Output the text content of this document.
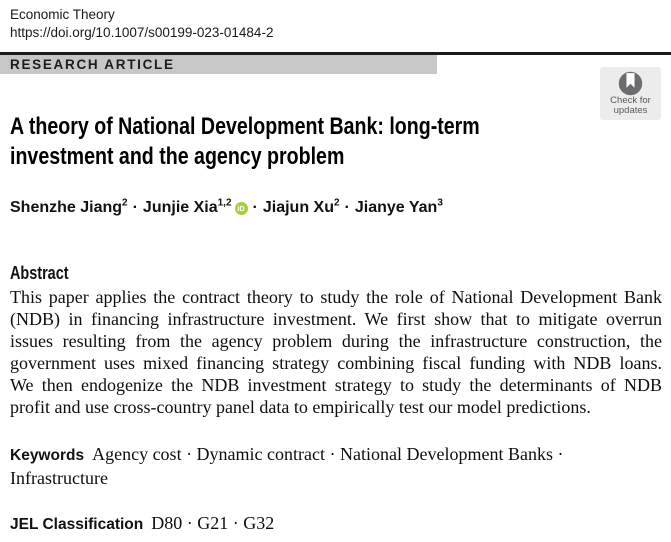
Economic Theory
https://doi.org/10.1007/s00199-023-01484-2
RESEARCH ARTICLE
Check for
updates
A theory of National Development Bank: long-term
investment and the agency problem
Shenzhe Jiang$^2$ · Junjie Xia$^{1,2}$ iD · Jiajun $Xu^2$ · Jianye Yan$^3$
Abstract
This paper applies the contract theory to study the role of National Development Bank
(NDB) in financing infrastructure investment. We first show that to mitigate overrun
issues resulting from the agency problem during the infrastructure construction, the
government uses mixed financing strategy combining fiscal funding with NDB loans.
We then endogenize the NDB investment strategy to study the determinants of NDB
profit and use cross-country panel data to empirically test our model predictions.
Keywords Agency cost · Dynamic contract · National Development Banks · Infrastructure
JEL Classification D80 · G21 · G32
